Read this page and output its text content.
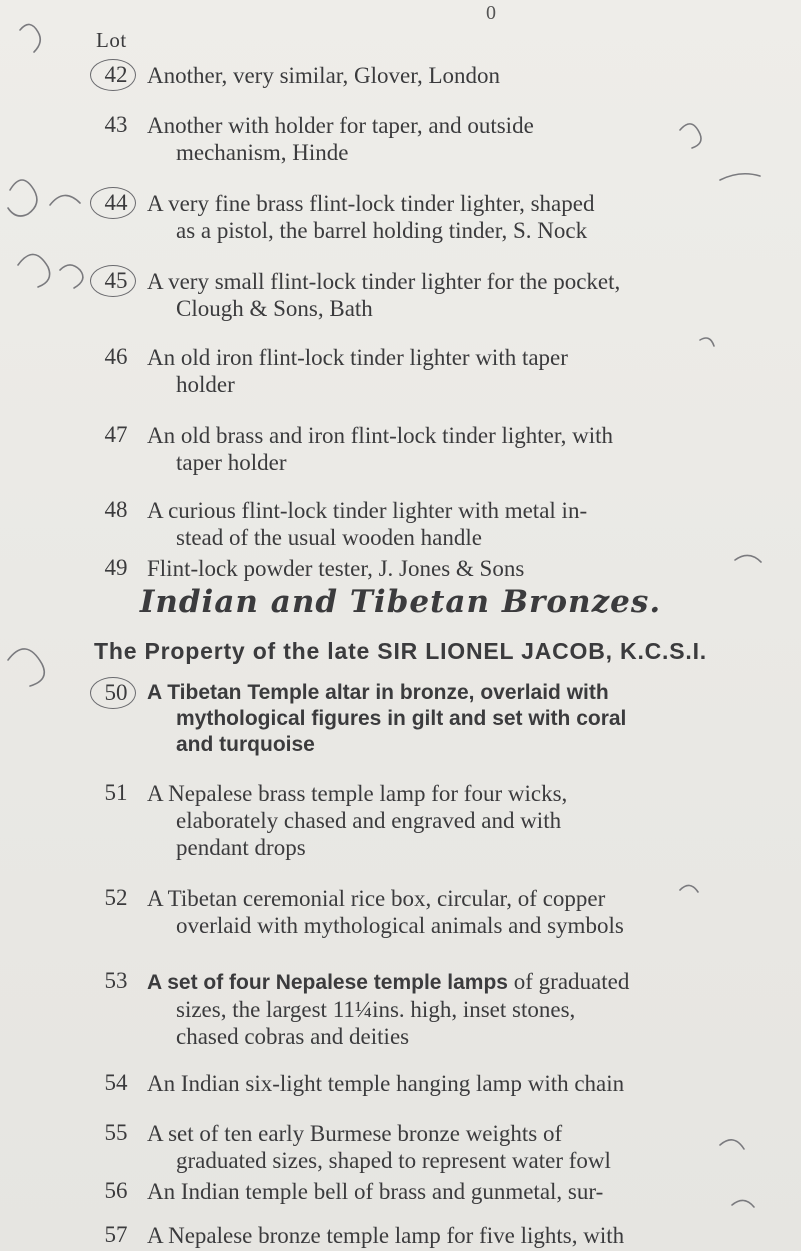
0
Lot
42 Another, very similar, Glover, London
43 Another with holder for taper, and outside
mechanism, Hinde
44 A very fine brass flint-lock tinder lighter, shaped
as a pistol, the barrel holding tinder, S. Nock
45 A very small flint-lock tinder lighter for the pocket,
Clough & Sons, Bath
46 An old iron flint-lock tinder lighter with taper
holder
47 An old brass and iron flint-lock tinder lighter, with
taper holder
48 A curious flint-lock tinder lighter with metal in-
stead of the usual wooden handle
49 Flint-lock powder tester, J. Jones & Sons
Indian and Tibetan Bronzes.
The Property of the late SIR LIONEL JACOB, K.C.S.I.
50 A Tibetan Temple altar in bronze, overlaid with
mythological figures in gilt and set with coral
and turquoise
51 A Nepalese brass temple lamp for four wicks,
elaborately chased and engraved and with
pendant drops
52 A Tibetan ceremonial rice box, circular, of copper
overlaid with mythological animals and symbols
53 A set of four Nepalese temple lamps of graduated
sizes, the largest 11¼ins. high, inset stones,
chased cobras and deities
54 An Indian six-light temple hanging lamp with chain
55 A set of ten early Burmese bronze weights of
graduated sizes, shaped to represent water fowl
56 An Indian temple bell of brass and gunmetal, sur-
57 A Nepalese bronze temple lamp for five lights, with
